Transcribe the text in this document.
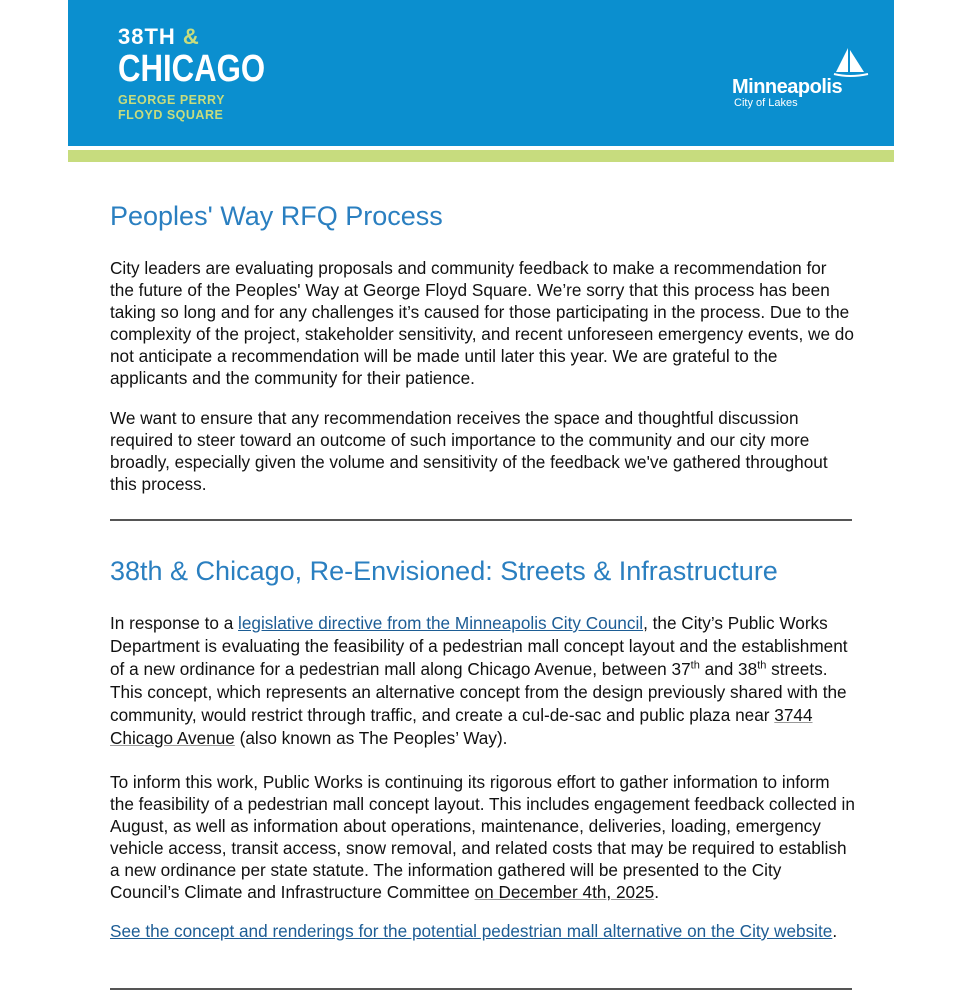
38TH &
CHICAGO
GEORGE PERRY
FLOYD SQUARE
Minneapolis
City of Lakes
Peoples' Way RFQ Process

City leaders are evaluating proposals and community feedback to make a recommendation for the future of the Peoples' Way at George Floyd Square. We’re sorry that this process has been taking so long and for any challenges it’s caused for those participating in the process. Due to the complexity of the project, stakeholder sensitivity, and recent unforeseen emergency events, we do not anticipate a recommendation will be made until later this year. We are grateful to the applicants and the community for their patience.

We want to ensure that any recommendation receives the space and thoughtful discussion required to steer toward an outcome of such importance to the community and our city more broadly, especially given the volume and sensitivity of the feedback we've gathered throughout this process.

38th & Chicago, Re-Envisioned: Streets & Infrastructure

In response to a legislative directive from the Minneapolis City Council, the City’s Public Works Department is evaluating the feasibility of a pedestrian mall concept layout and the establishment of a new ordinance for a pedestrian mall along Chicago Avenue, between 37th and 38th streets. This concept, which represents an alternative concept from the design previously shared with the community, would restrict through traffic, and create a cul-de-sac and public plaza near 3744 Chicago Avenue (also known as The Peoples’ Way).

To inform this work, Public Works is continuing its rigorous effort to gather information to inform the feasibility of a pedestrian mall concept layout. This includes engagement feedback collected in August, as well as information about operations, maintenance, deliveries, loading, emergency vehicle access, transit access, snow removal, and related costs that may be required to establish a new ordinance per state statute. The information gathered will be presented to the City Council’s Climate and Infrastructure Committee on December 4th, 2025.

See the concept and renderings for the potential pedestrian mall alternative on the City website.
